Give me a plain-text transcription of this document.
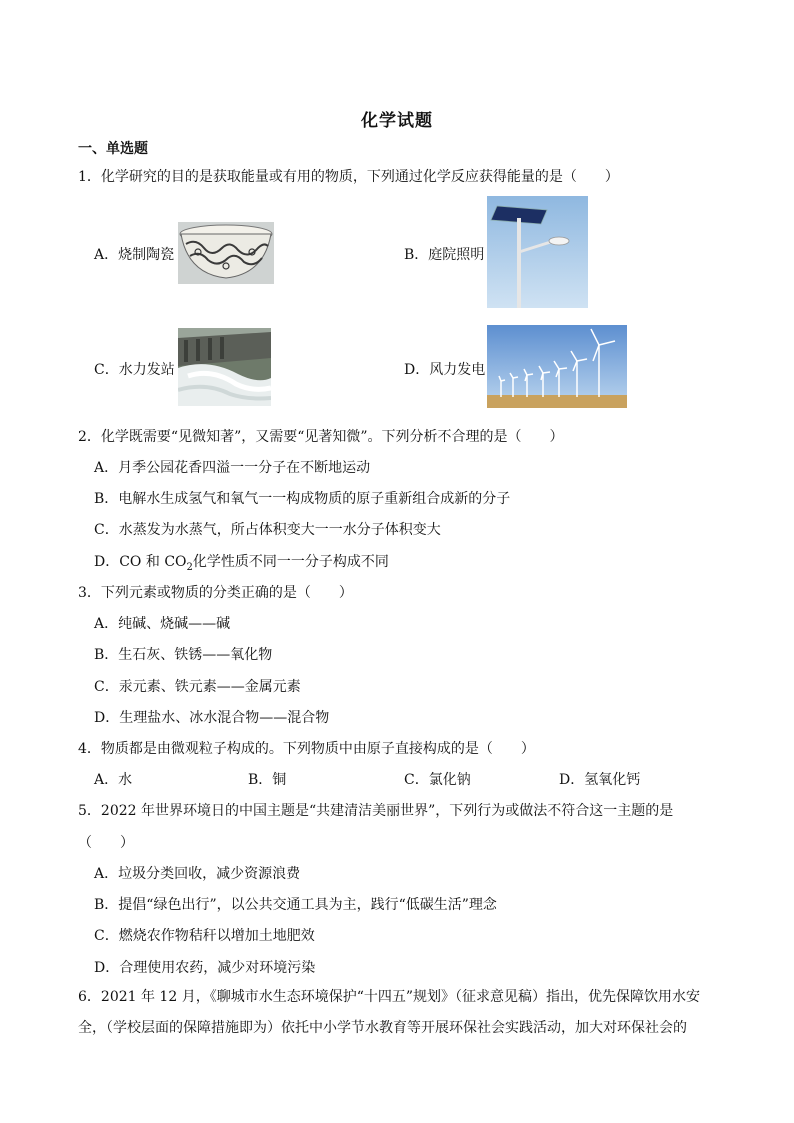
化学试题
一、单选题
1．化学研究的目的是获取能量或有用的物质，下列通过化学反应获得能量的是（　　）
A．烧制陶瓷	B．庭院照明
C．水力发站	D．风力发电
2．化学既需要“见微知著”，又需要“见著知微”。下列分析不合理的是（　　）
A．月季公园花香四溢一一分子在不断地运动
B．电解水生成氢气和氧气一一构成物质的原子重新组合成新的分子
C．水蒸发为水蒸气，所占体积变大一一水分子体积变大
D．CO 和 $CO_2$化学性质不同一一分子构成不同
3．下列元素或物质的分类正确的是（　　）
A．纯碱、烧碱——碱
B．生石灰、铁锈——氧化物
C．汞元素、铁元素——金属元素
D．生理盐水、冰水混合物——混合物
4．物质都是由微观粒子构成的。下列物质中由原子直接构成的是（　　）
A．水	B．铜	C．氯化钠	D．氢氧化钙
5．2022 年世界环境日的中国主题是“共建清洁美丽世界”，下列行为或做法不符合这一主题的是
（　　）
A．垃圾分类回收，减少资源浪费
B．提倡“绿色出行”，以公共交通工具为主，践行“低碳生活”理念
C．燃烧农作物秸秆以增加土地肥效
D．合理使用农药，减少对环境污染
6．2021 年 12 月，《聊城市水生态环境保护“十四五”规划》（征求意见稿）指出，优先保障饮用水安全，（学校层面的保障措施即为）依托中小学节水教育等开展环保社会实践活动，加大对环保社会的
